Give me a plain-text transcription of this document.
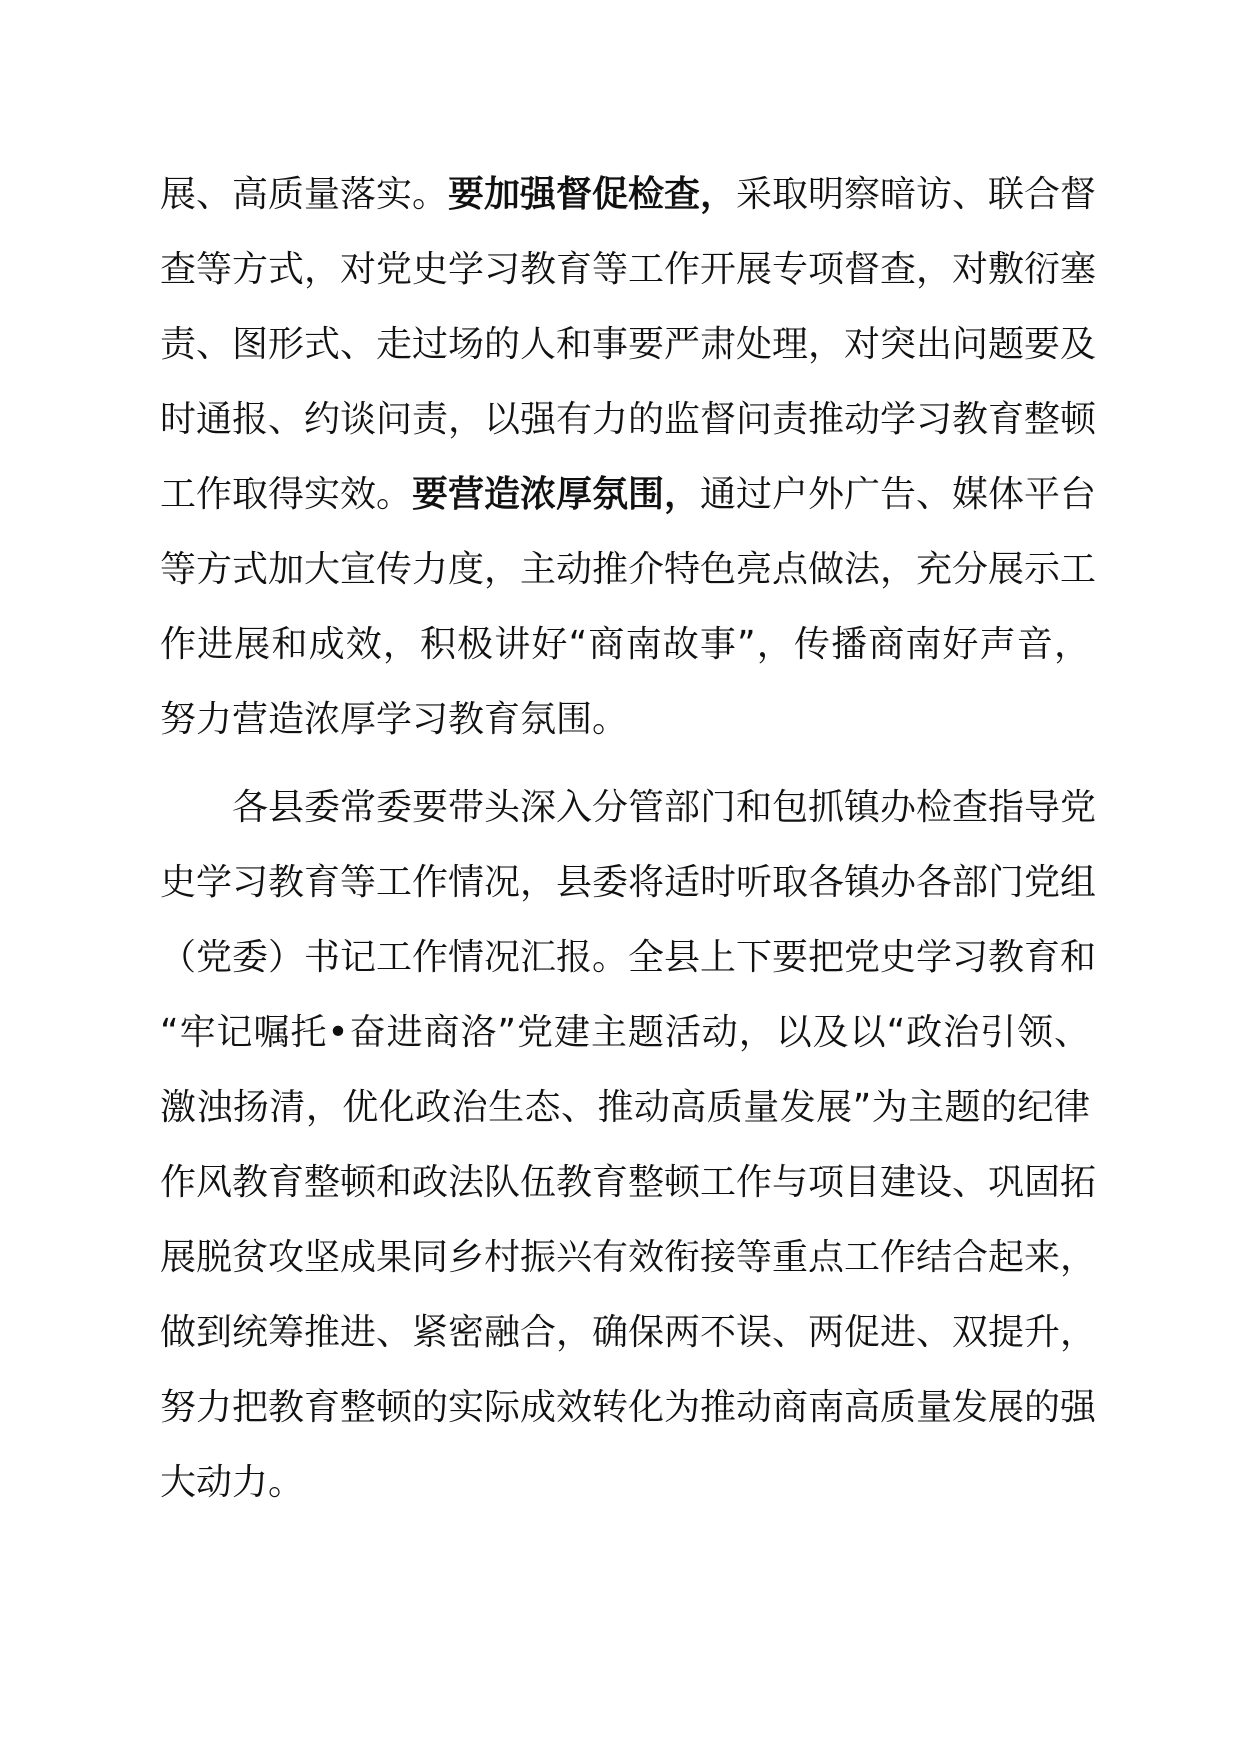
展、高质量落实。要加强督促检查，采取明察暗访、联合督
查等方式，对党史学习教育等工作开展专项督查，对敷衍塞
责、图形式、走过场的人和事要严肃处理，对突出问题要及
时通报、约谈问责，以强有力的监督问责推动学习教育整顿
工作取得实效。要营造浓厚氛围，通过户外广告、媒体平台
等方式加大宣传力度，主动推介特色亮点做法，充分展示工
作进展和成效，积极讲好“商南故事”，传播商南好声音，
努力营造浓厚学习教育氛围。
各县委常委要带头深入分管部门和包抓镇办检查指导党
史学习教育等工作情况，县委将适时听取各镇办各部门党组
（党委）书记工作情况汇报。全县上下要把党史学习教育和
“牢记嘱托•奋进商洛”党建主题活动，以及以“政治引领、
激浊扬清，优化政治生态、推动高质量发展”为主题的纪律
作风教育整顿和政法队伍教育整顿工作与项目建设、巩固拓
展脱贫攻坚成果同乡村振兴有效衔接等重点工作结合起来，
做到统筹推进、紧密融合，确保两不误、两促进、双提升，
努力把教育整顿的实际成效转化为推动商南高质量发展的强
大动力。
